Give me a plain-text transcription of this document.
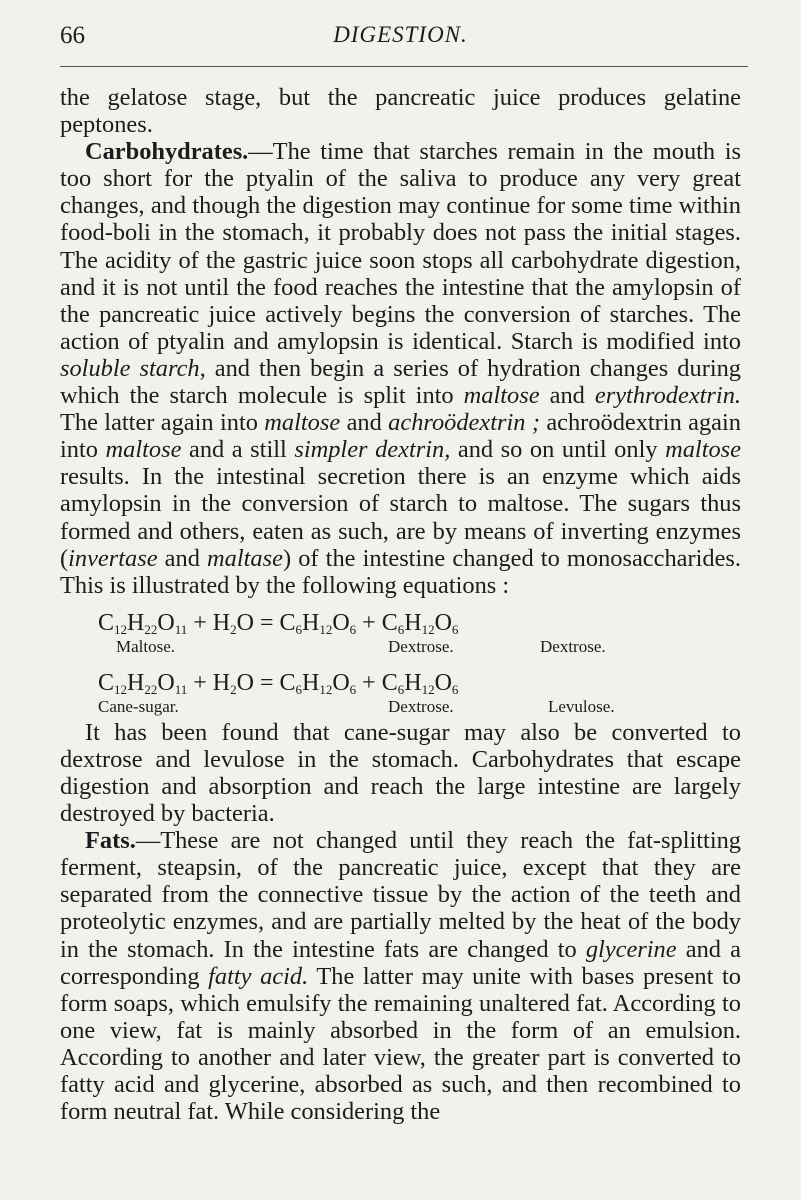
66	DIGESTION.

the gelatose stage, but the pancreatic juice produces gelatine peptones.

Carbohydrates.—The time that starches remain in the mouth is too short for the ptyalin of the saliva to produce any very great changes, and though the digestion may continue for some time within food-boli in the stomach, it probably does not pass the initial stages. The acidity of the gastric juice soon stops all carbohydrate digestion, and it is not until the food reaches the intestine that the amylopsin of the pancreatic juice actively begins the conversion of starches. The action of ptyalin and amylopsin is identical. Starch is modified into soluble starch, and then begin a series of hydration changes during which the starch molecule is split into maltose and erythrodextrin. The latter again into maltose and achroödextrin ; achroödextrin again into maltose and a still simpler dextrin, and so on until only maltose results. In the intestinal secretion there is an enzyme which aids amylopsin in the conversion of starch to maltose. The sugars thus formed and others, eaten as such, are by means of inverting enzymes (invertase and maltase) of the intestine changed to monosaccharides. This is illustrated by the following equations :

$C_{12}H_{22}O_{11} + H_2O = C_6H_{12}O_6 + C_6H_{12}O_6$
Maltose.	Dextrose.	Dextrose.
$C_{12}H_{22}O_{11} + H_2O = C_6H_{12}O_6 + C_6H_{12}O_6$
Cane-sugar.	Dextrose.	Levulose.

It has been found that cane-sugar may also be converted to dextrose and levulose in the stomach. Carbohydrates that escape digestion and absorption and reach the large intestine are largely destroyed by bacteria.

Fats.—These are not changed until they reach the fat-splitting ferment, steapsin, of the pancreatic juice, except that they are separated from the connective tissue by the action of the teeth and proteolytic enzymes, and are partially melted by the heat of the body in the stomach. In the intestine fats are changed to glycerine and a corresponding fatty acid. The latter may unite with bases present to form soaps, which emulsify the remaining unaltered fat. According to one view, fat is mainly absorbed in the form of an emulsion. According to another and later view, the greater part is converted to fatty acid and glycerine, absorbed as such, and then recombined to form neutral fat. While considering the
